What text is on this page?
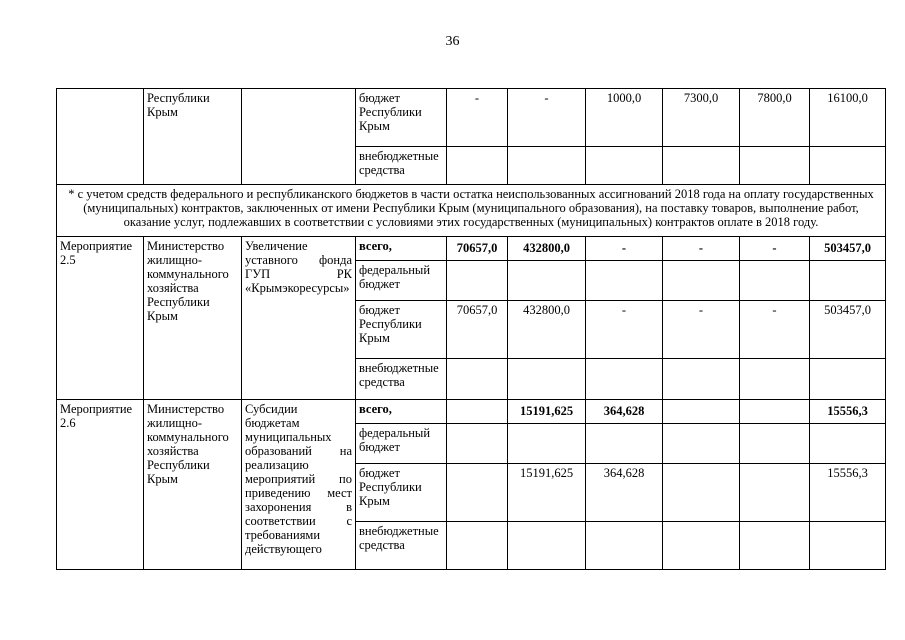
36
	Республики Крым		бюджет Республики Крым	-	-	1000,0	7300,0	7800,0	16100,0
			внебюджетные средства						
* с учетом средств федерального и республиканского бюджетов в части остатка неиспользованных ассигнований 2018 года на оплату государственных (муниципальных) контрактов, заключенных от имени Республики Крым (муниципального образования), на поставку товаров, выполнение работ, оказание услуг, подлежавших в соответствии с условиями этих государственных (муниципальных) контрактов оплате в 2018 году.									
Мероприятие 2.5	Министерство жилищно-коммунального хозяйства Республики Крым	Увеличение уставного фонда ГУП РК «Крымэкоресурсы»	всего,	70657,0	432800,0	-	-	-	503457,0
			федеральный бюджет						
			бюджет Республики Крым	70657,0	432800,0	-	-	-	503457,0
			внебюджетные средства						
Мероприятие 2.6	Министерство жилищно-коммунального хозяйства Республики Крым	Субсидии бюджетам муниципальных образований на реализацию мероприятий по приведению мест захоронения в соответствии с требованиями действующего	всего,		15191,625	364,628			15556,3
			федеральный бюджет						
			бюджет Республики Крым		15191,625	364,628			15556,3
			внебюджетные средства						
